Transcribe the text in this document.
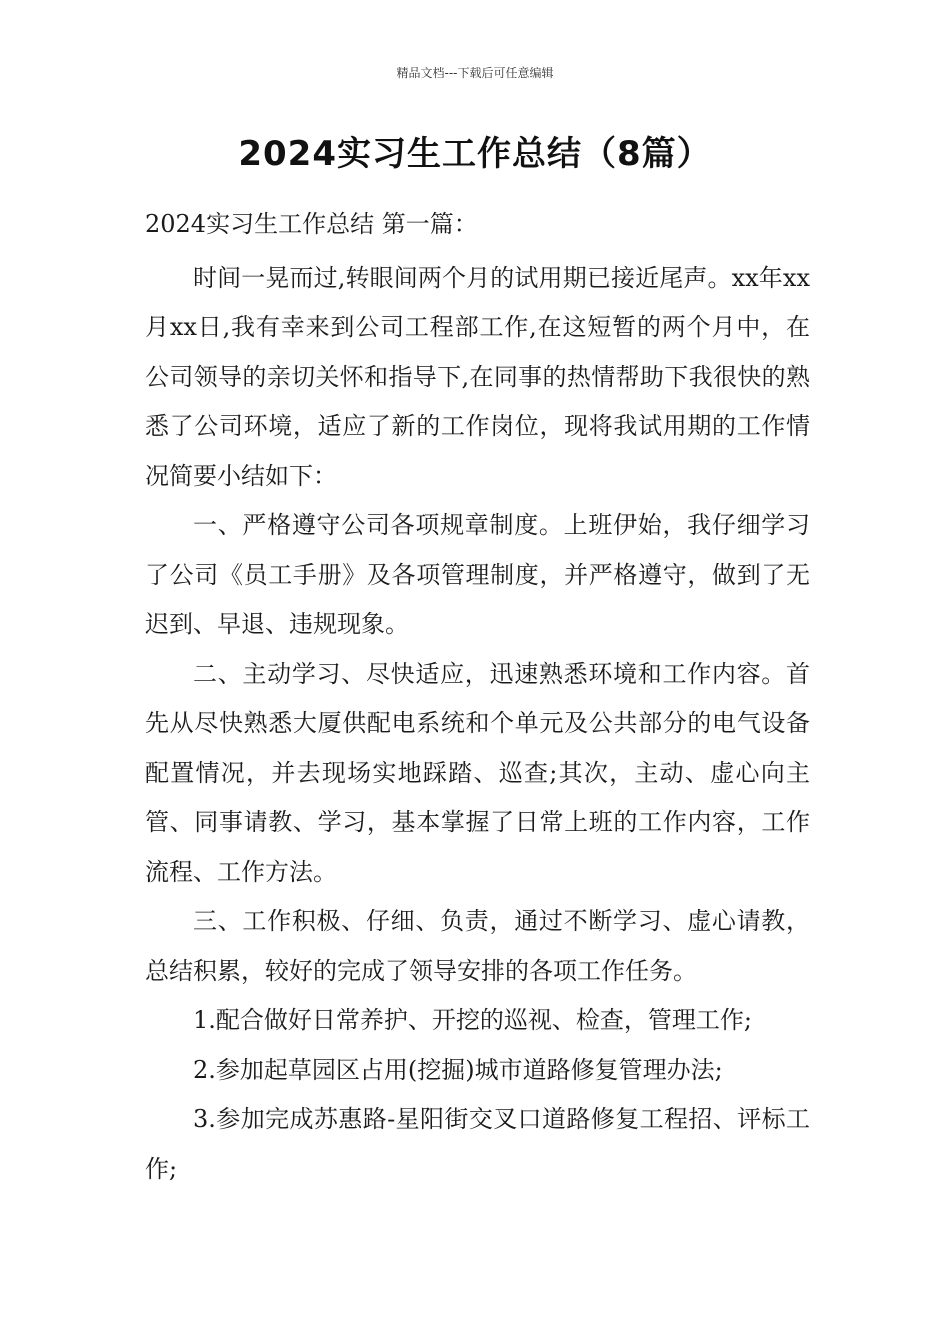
精品文档---下载后可任意编辑
2024实习生工作总结（8篇）

2024实习生工作总结 第一篇：

时间一晃而过,转眼间两个月的试用期已接近尾声。xx年xx月xx日,我有幸来到公司工程部工作,在这短暂的两个月中，在公司领导的亲切关怀和指导下,在同事的热情帮助下我很快的熟悉了公司环境，适应了新的工作岗位，现将我试用期的工作情况简要小结如下：

一、严格遵守公司各项规章制度。上班伊始，我仔细学习了公司《员工手册》及各项管理制度，并严格遵守，做到了无迟到、早退、违规现象。

二、主动学习、尽快适应，迅速熟悉环境和工作内容。首先从尽快熟悉大厦供配电系统和个单元及公共部分的电气设备配置情况，并去现场实地踩踏、巡查;其次，主动、虚心向主管、同事请教、学习，基本掌握了日常上班的工作内容，工作流程、工作方法。

三、工作积极、仔细、负责，通过不断学习、虚心请教，总结积累，较好的完成了领导安排的各项工作任务。

1.配合做好日常养护、开挖的巡视、检查，管理工作;

2.参加起草园区占用(挖掘)城市道路修复管理办法;

3.参加完成苏惠路-星阳街交叉口道路修复工程招、评标工作;
